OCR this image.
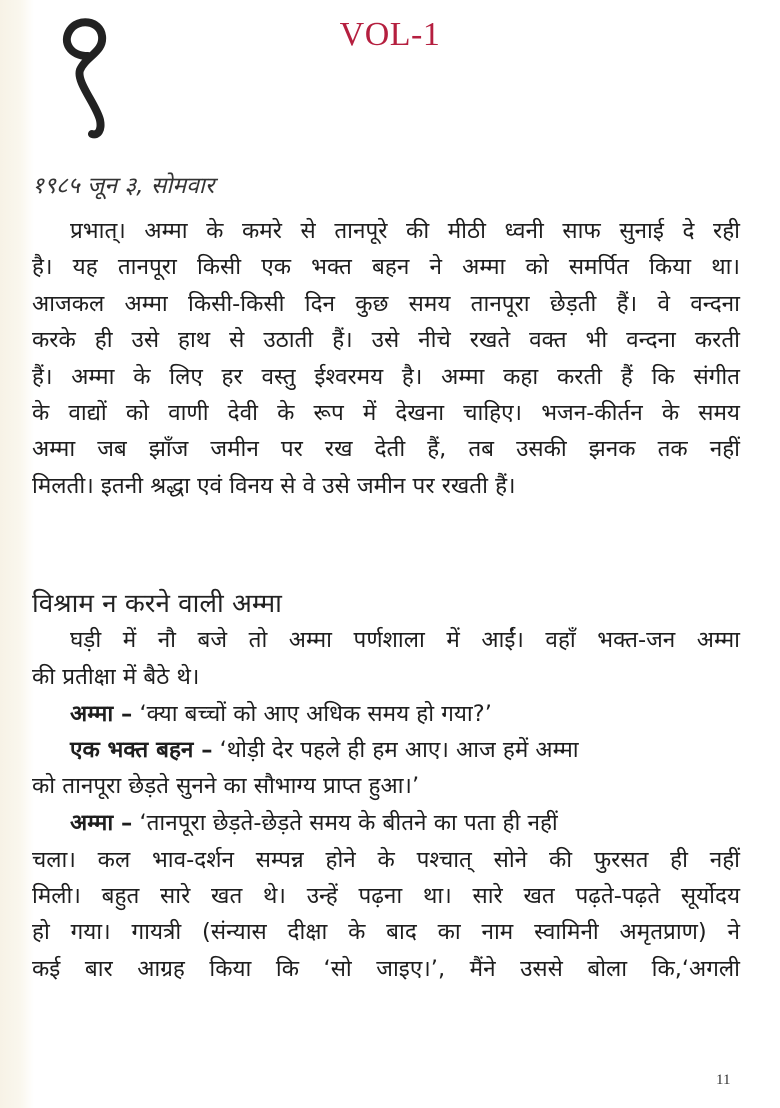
VOL-1
१९८५ जून ३, सोमवार
प्रभात्। अम्मा के कमरे से तानपूरे की मीठी ध्वनी साफ सुनाई दे रही
है। यह तानपूरा किसी एक भक्त बहन ने अम्मा को समर्पित किया था।
आजकल अम्मा किसी-किसी दिन कुछ समय तानपूरा छेड़ती हैं। वे वन्दना
करके ही उसे हाथ से उठाती हैं। उसे नीचे रखते वक्त भी वन्दना करती
हैं। अम्मा के लिए हर वस्तु ईश्वरमय है। अम्मा कहा करती हैं कि संगीत
के वाद्यों को वाणी देवी के रूप में देखना चाहिए। भजन-कीर्तन के समय
अम्मा जब झाँज जमीन पर रख देती हैं, तब उसकी झनक तक नहीं
मिलती। इतनी श्रद्धा एवं विनय से वे उसे जमीन पर रखती हैं।
विश्राम न करने वाली अम्मा
घड़ी में नौ बजे तो अम्मा पर्णशाला में आईं। वहाँ भक्त-जन अम्मा
की प्रतीक्षा में बैठे थे।
अम्मा – ‘क्या बच्चों को आए अधिक समय हो गया?’
एक भक्त बहन – ‘थोड़ी देर पहले ही हम आए। आज हमें अम्मा
को तानपूरा छेड़ते सुनने का सौभाग्य प्राप्त हुआ।’
अम्मा – ‘तानपूरा छेड़ते-छेड़ते समय के बीतने का पता ही नहीं
चला। कल भाव-दर्शन सम्पन्न होने के पश्चात् सोने की फुरसत ही नहीं
मिली। बहुत सारे खत थे। उन्हें पढ़ना था। सारे खत पढ़ते-पढ़ते सूर्योदय
हो गया। गायत्री (संन्यास दीक्षा के बाद का नाम स्वामिनी अमृतप्राण) ने
कई बार आग्रह किया कि ‘सो जाइए।’, मैंने उससे बोला कि,‘अगली
11
